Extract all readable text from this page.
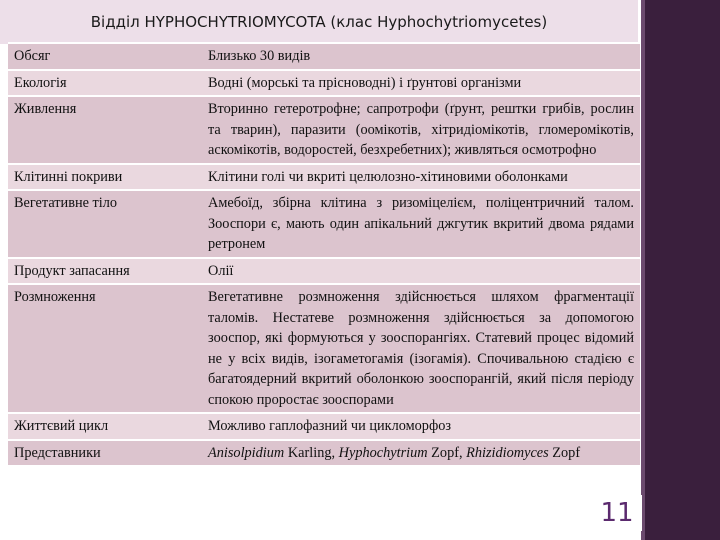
Відділ HYPHOCHYTRIOMYCOTA (клас Hyphochytriomycetes)
Обсяг	Близько 30 видів
Екологія	Водні (морські та прісноводні) і ґрунтові організми
Живлення	Вторинно гетеротрофне; сапротрофи (ґрунт, рештки грибів, рослин та тварин), паразити (оомікотів, хітридіомікотів, гломеромікотів, аскомікотів, водоростей, безхребетних); живляться осмотрофно
Клітинні покриви	Клітини голі чи вкриті целюлозно-хітиновими оболонками
Вегетативне тіло	Амебоїд, збірна клітина з ризоміцелієм, поліцентричний талом. Зооспори є, мають один апікальний джгутик вкритий двома рядами ретронем
Продукт запасання	Олії
Розмноження	Вегетативне розмноження здійснюється шляхом фрагментації таломів. Нестатеве розмноження здійснюється за допомогою зооспор, які формуються у зооспорангіях. Статевий процес відомий не у всіх видів, ізогаметогамія (ізогамія). Спочивальною стадією є багатоядерний вкритий оболонкою зооспорангій, який після періоду спокою проростає зооспорами
Життєвий цикл	Можливо гаплофазний чи цикломорфоз
Представники	Anisolpidium Karling, Hyphochytrium Zopf, Rhizidiomyces Zopf
11
